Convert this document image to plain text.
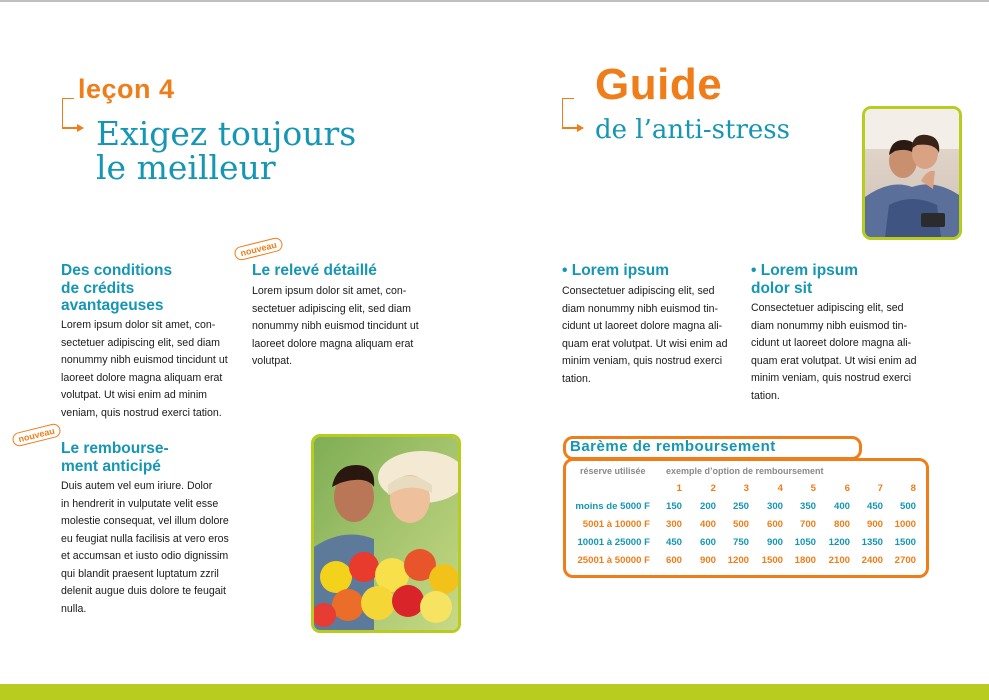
leçon 4
Exigez toujours
le meilleur
Guide
de l’anti-stress
Des conditions
de crédits
avantageuses
Lorem ipsum dolor sit amet, con-
sectetuer adipiscing elit, sed diam
nonummy nibh euismod tincidunt ut
laoreet dolore magna aliquam erat
volutpat. Ut wisi enim ad minim
veniam, quis nostrud exerci tation.
nouveau
Le relevé détaillé
Lorem ipsum dolor sit amet, con-
sectetuer adipiscing elit, sed diam
nonummy nibh euismod tincidunt ut
laoreet dolore magna aliquam erat
volutpat.
nouveau
Le rembourse-
ment anticipé
Duis autem vel eum iriure. Dolor
in hendrerit in vulputate velit esse
molestie consequat, vel illum dolore
eu feugiat nulla facilisis at vero eros
et accumsan et iusto odio dignissim
qui blandit praesent luptatum zzril
delenit augue duis dolore te feugait
nulla.
• Lorem ipsum
Consectetuer adipiscing elit, sed
diam nonummy nibh euismod tin-
cidunt ut laoreet dolore magna ali-
quam erat volutpat. Ut wisi enim ad
minim veniam, quis nostrud exerci
tation.
• Lorem ipsum
dolor sit
Consectetuer adipiscing elit, sed
diam nonummy nibh euismod tin-
cidunt ut laoreet dolore magna ali-
quam erat volutpat. Ut wisi enim ad
minim veniam, quis nostrud exerci
tation.
Barème de remboursement
réserve utilisée exemple d’option de remboursement
1	2	3	4	5	6	7	8
moins de 5000 F	150	200	250	300	350	400	450	500
5001 à 10000 F	300	400	500	600	700	800	900	1000
10001 à 25000 F	450	600	750	900	1050	1200	1350	1500
25001 à 50000 F	600	900	1200	1500	1800	2100	2400	2700
